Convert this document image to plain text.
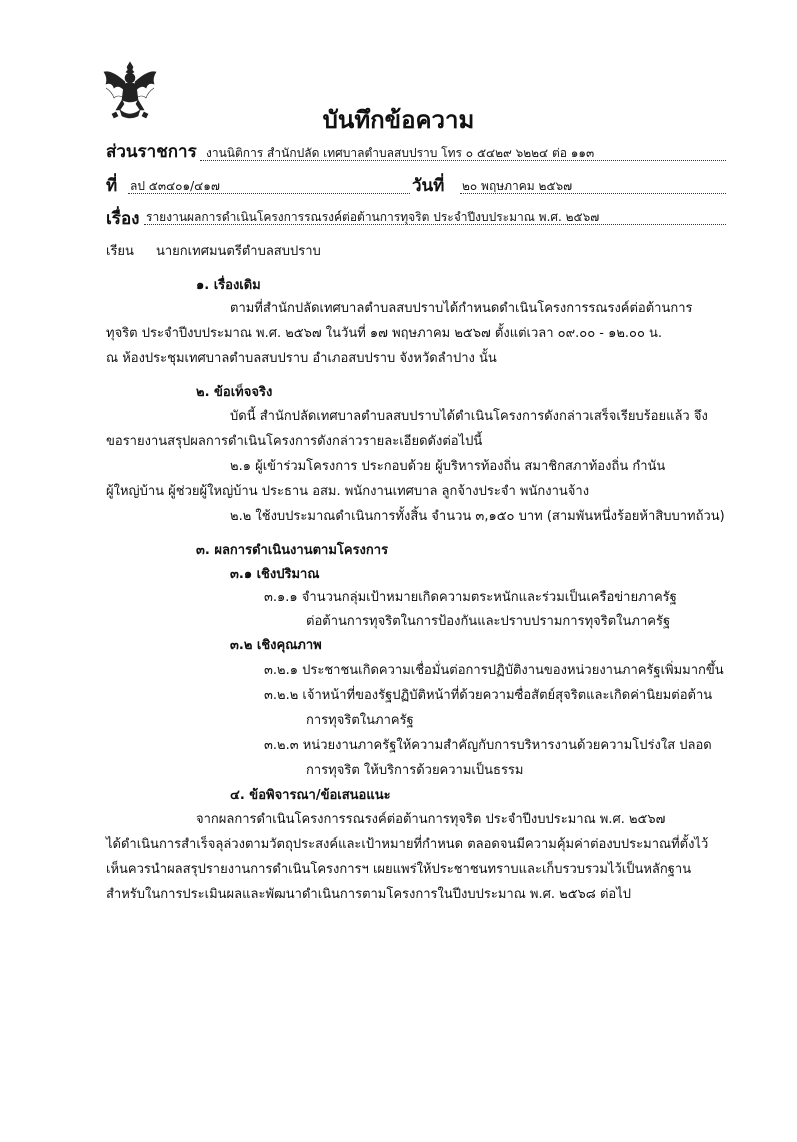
บันทึกข้อความ
ส่วนราชการ งานนิติการ สำนักปลัด เทศบาลตำบลสบปราบ โทร ๐ ๕๔๒๙ ๖๒๒๔ ต่อ ๑๑๓
ที่ ลป ๕๓๔๐๑/๔๑๗	วันที่ ๒๐ พฤษภาคม ๒๕๖๗
เรื่อง รายงานผลการดำเนินโครงการรณรงค์ต่อต้านการทุจริต ประจำปีงบประมาณ พ.ศ. ๒๕๖๗
เรียน นายกเทศมนตรีตำบลสบปราบ
๑. เรื่องเดิม
ตามที่สำนักปลัดเทศบาลตำบลสบปราบได้กำหนดดำเนินโครงการรณรงค์ต่อต้านการ
ทุจริต ประจำปีงบประมาณ พ.ศ. ๒๕๖๗ ในวันที่ ๑๗ พฤษภาคม ๒๕๖๗ ตั้งแต่เวลา ๐๙.๐๐ - ๑๒.๐๐ น.
ณ ห้องประชุมเทศบาลตำบลสบปราบ อำเภอสบปราบ จังหวัดลำปาง นั้น
๒. ข้อเท็จจริง
บัดนี้ สำนักปลัดเทศบาลตำบลสบปราบได้ดำเนินโครงการดังกล่าวเสร็จเรียบร้อยแล้ว จึง
ขอรายงานสรุปผลการดำเนินโครงการดังกล่าวรายละเอียดดังต่อไปนี้
๒.๑ ผู้เข้าร่วมโครงการ ประกอบด้วย ผู้บริหารท้องถิ่น สมาชิกสภาท้องถิ่น กำนัน
ผู้ใหญ่บ้าน ผู้ช่วยผู้ใหญ่บ้าน ประธาน อสม. พนักงานเทศบาล ลูกจ้างประจำ พนักงานจ้าง
๒.๒ ใช้งบประมาณดำเนินการทั้งสิ้น จำนวน ๓,๑๕๐ บาท (สามพันหนึ่งร้อยห้าสิบบาทถ้วน)
๓. ผลการดำเนินงานตามโครงการ
๓.๑ เชิงปริมาณ
๓.๑.๑ จำนวนกลุ่มเป้าหมายเกิดความตระหนักและร่วมเป็นเครือข่ายภาครัฐ
ต่อต้านการทุจริตในการป้องกันและปราบปรามการทุจริตในภาครัฐ
๓.๒ เชิงคุณภาพ
๓.๒.๑ ประชาชนเกิดความเชื่อมั่นต่อการปฏิบัติงานของหน่วยงานภาครัฐเพิ่มมากขึ้น
๓.๒.๒ เจ้าหน้าที่ของรัฐปฏิบัติหน้าที่ด้วยความซื่อสัตย์สุจริตและเกิดค่านิยมต่อต้าน
การทุจริตในภาครัฐ
๓.๒.๓ หน่วยงานภาครัฐให้ความสำคัญกับการบริหารงานด้วยความโปร่งใส ปลอด
การทุจริต ให้บริการด้วยความเป็นธรรม
๔. ข้อพิจารณา/ข้อเสนอแนะ
จากผลการดำเนินโครงการรณรงค์ต่อต้านการทุจริต ประจำปีงบประมาณ พ.ศ. ๒๕๖๗
ได้ดำเนินการสำเร็จลุล่วงตามวัตถุประสงค์และเป้าหมายที่กำหนด ตลอดจนมีความคุ้มค่าต่องบประมาณที่ตั้งไว้
เห็นควรนำผลสรุปรายงานการดำเนินโครงการฯ เผยแพร่ให้ประชาชนทราบและเก็บรวบรวมไว้เป็นหลักฐาน
สำหรับในการประเมินผลและพัฒนาดำเนินการตามโครงการในปีงบประมาณ พ.ศ. ๒๕๖๘ ต่อไป
